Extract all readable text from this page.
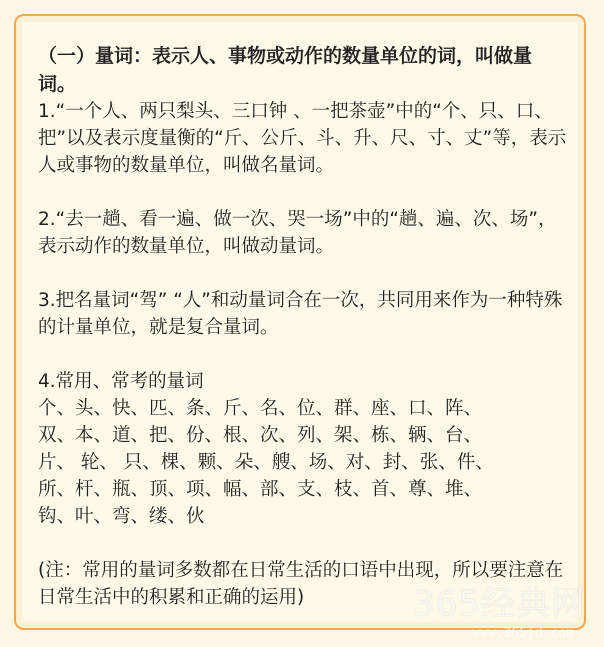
（一）量词：表示人、事物或动作的数量单位的词，叫做量词。

1.“一个人、两只梨头、三口钟 、一把茶壶”中的“个、只、口、把”以及表示度量衡的“斤、公斤、斗、升、尺、寸、丈”等，表示人或事物的数量单位，叫做名量词。

2.“去一趟、看一遍、做一次、哭一场”中的“趟、遍、次、场”，表示动作的数量单位，叫做动量词。

3.把名量词“驾” “人”和动量词合在一次，共同用来作为一种特殊的计量单位，就是复合量词。

4.常用、常考的量词
个、头、快、匹、条、斤、名、位、群、座、口、阵、
双、本、道、把、份、根、次、列、架、栋、辆、台、
片、 轮、 只、棵、颗、朵、艘、场、对、封、张、件、
所、杆、瓶、顶、项、幅、部、支、枝、首、尊、堆、
钩、叶、弯、缕、伙

(注：常用的量词多数都在日常生活的口语中出现，所以要注意在日常生活中的积累和正确的运用)	365经典网
www.365jd.com
